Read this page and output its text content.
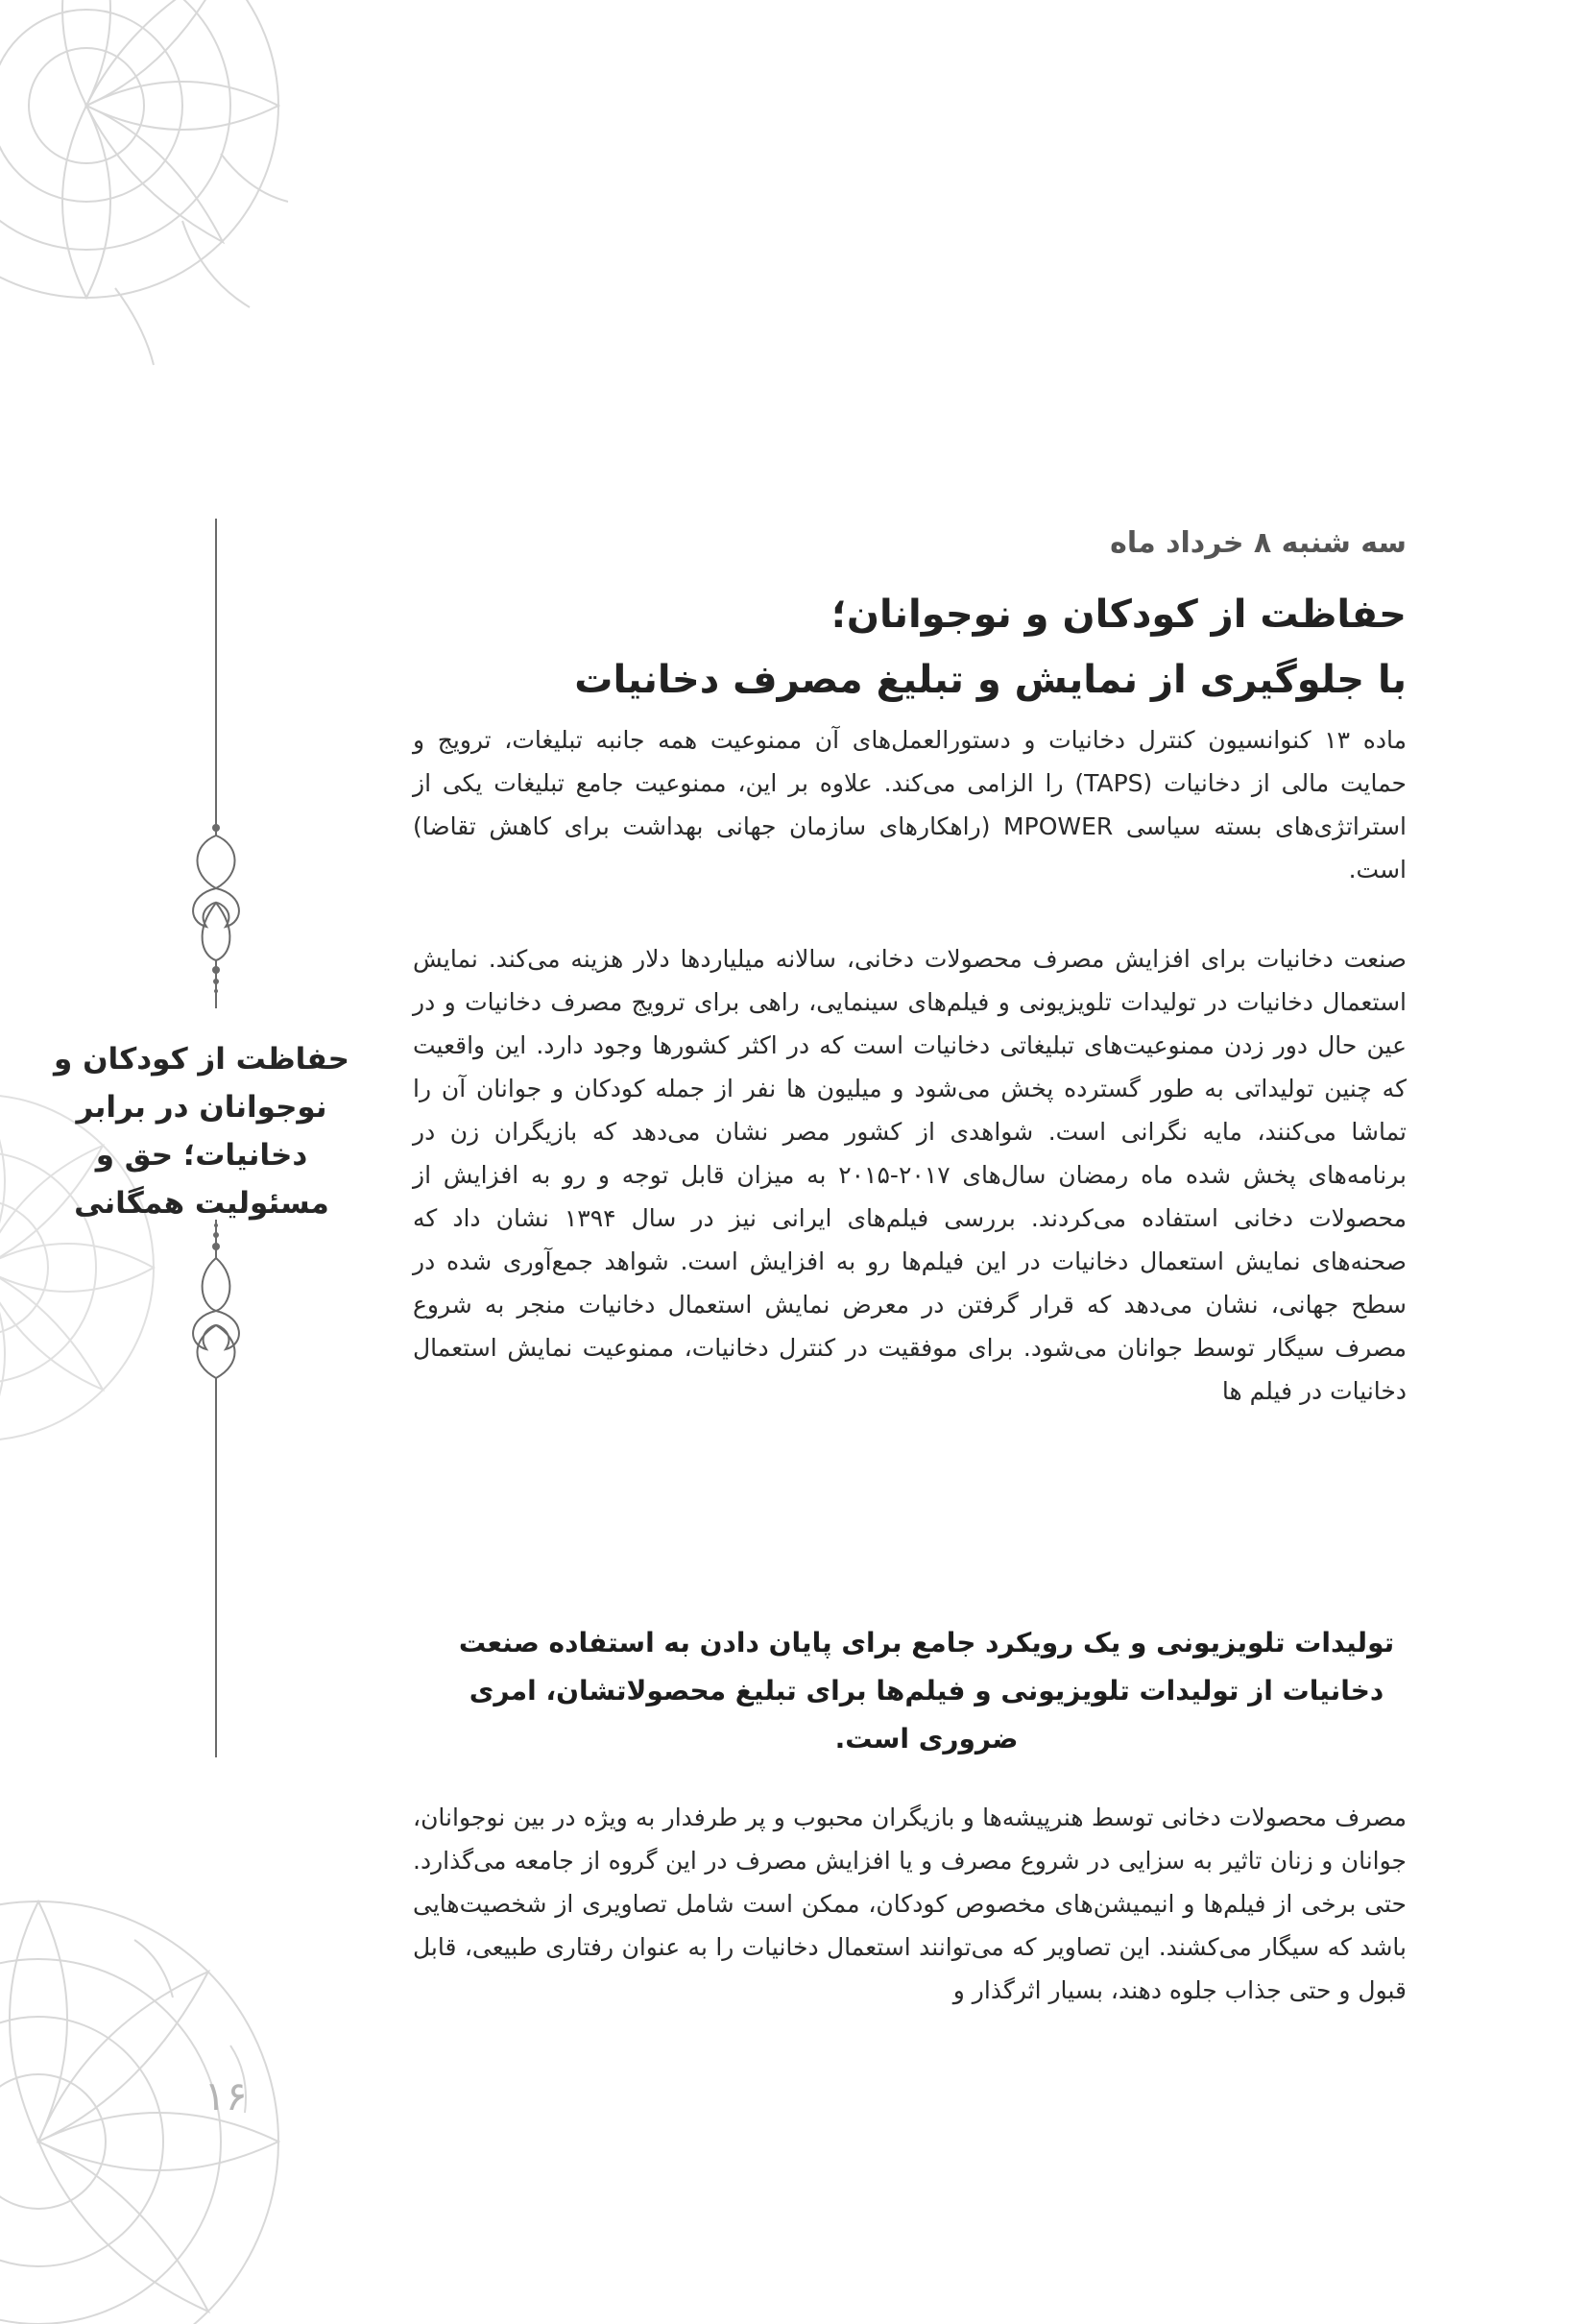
حفاظت از کودکان و نوجوانان در برابر دخانیات؛ حق و مسئولیت همگانی
سه شنبه ۸ خرداد ماه
حفاظت از کودکان و نوجوانان؛
با جلوگیری از نمایش و تبلیغ مصرف دخانیات
ماده ۱۳ کنوانسیون کنترل دخانیات و دستورالعمل‌های آن ممنوعیت همه جانبه تبلیغات، ترویج و حمایت مالی از دخانیات (TAPS) را الزامی می‌کند. علاوه بر این، ممنوعیت جامع تبلیغات یکی از استراتژی‌های بسته سیاسی MPOWER (راهکارهای سازمان جهانی بهداشت برای کاهش تقاضا) است.
صنعت دخانیات برای افزایش مصرف محصولات دخانی، سالانه میلیاردها دلار هزینه می‌کند. نمایش استعمال دخانیات در تولیدات تلویزیونی و فیلم‌های سینمایی، راهی برای ترویج مصرف دخانیات و در عین حال دور زدن ممنوعیت‌های تبلیغاتی دخانیات است که در اکثر کشورها وجود دارد. این واقعیت که چنین تولیداتی به طور گسترده پخش می‌شود و میلیون ها نفر از جمله کودکان و جوانان آن را تماشا می‌کنند، مایه نگرانی است. شواهدی از کشور مصر نشان می‌دهد که بازیگران زن در برنامه‌های پخش شده ماه رمضان سال‌های ۲۰۱۷-۲۰۱۵ به میزان قابل توجه و رو به افزایش از محصولات دخانی استفاده می‌کردند. بررسی فیلم‌های ایرانی نیز در سال ۱۳۹۴ نشان داد که صحنه‌های نمایش استعمال دخانیات در این فیلم‌ها رو به افزایش است. شواهد جمع‌آوری شده در سطح جهانی، نشان می‌دهد که قرار گرفتن در معرض نمایش استعمال دخانیات منجر به شروع مصرف سیگار توسط جوانان می‌شود. برای موفقیت در کنترل دخانیات، ممنوعیت نمایش استعمال دخانیات در فیلم ها
تولیدات تلویزیونی و یک رویکرد جامع برای پایان دادن به استفاده صنعت دخانیات از تولیدات تلویزیونی و فیلم‌ها برای تبلیغ محصولاتشان، امری ضروری است.
مصرف محصولات دخانی توسط هنرپیشه‌ها و بازیگران محبوب و پر طرفدار به ویژه در بین نوجوانان، جوانان و زنان تاثیر به سزایی در شروع مصرف و یا افزایش مصرف در این گروه از جامعه می‌گذارد. حتی برخی از فیلم‌ها و انیمیشن‌های مخصوص کودکان، ممکن است شامل تصاویری از شخصیت‌هایی باشد که سیگار می‌کشند. این تصاویر که می‌توانند استعمال دخانیات را به عنوان رفتاری طبیعی، قابل قبول و حتی جذاب جلوه دهند، بسیار اثرگذار و
۱۶
